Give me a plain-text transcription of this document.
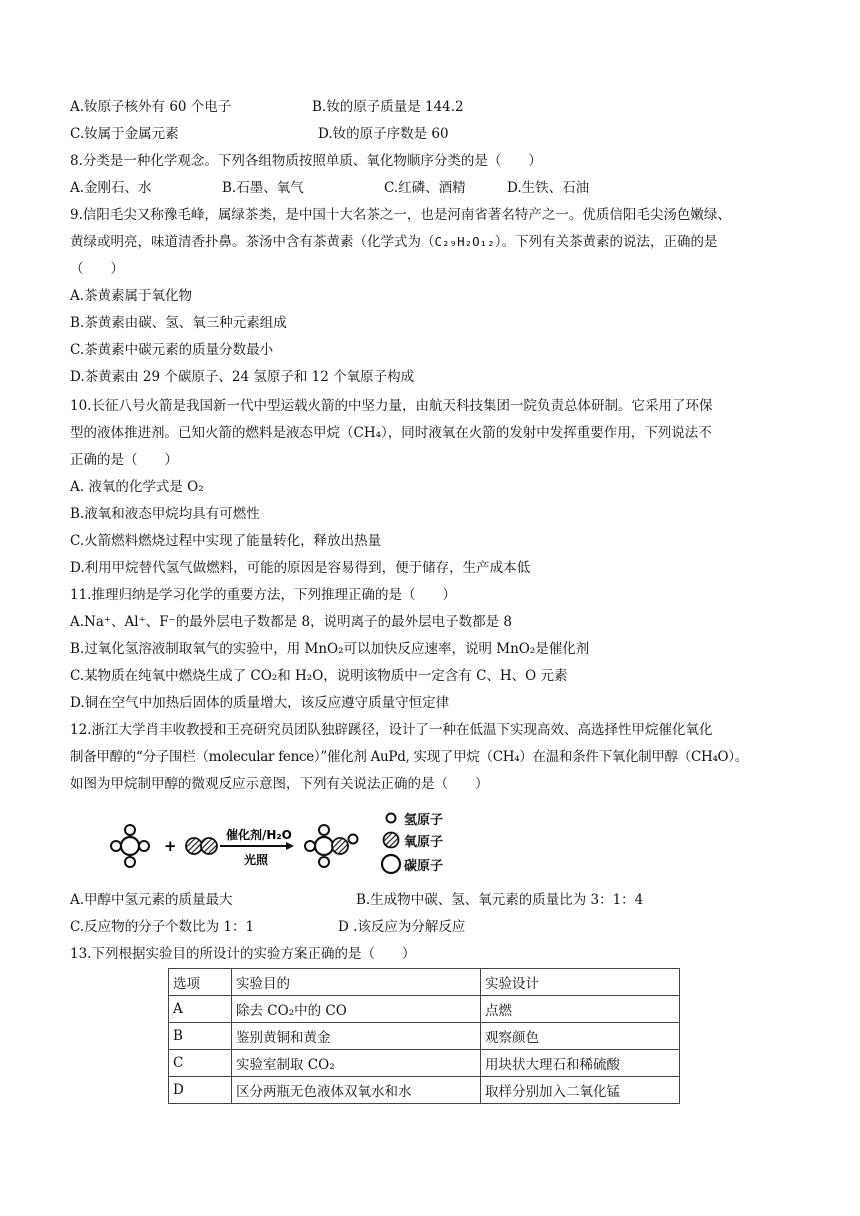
A.钕原子核外有 60 个电子	B.钕的原子质量是 144.2
C.钕属于金属元素	D.钕的原子序数是 60
8.分类是一种化学观念。下列各组物质按照单质、氧化物顺序分类的是（　　）
A.金刚石、水	B.石墨、氧气	C.红磷、酒精	D.生铁、石油
9.信阳毛尖又称豫毛峰，属绿茶类，是中国十大名茶之一，也是河南省著名特产之一。优质信阳毛尖汤色嫩绿、
黄绿或明亮，味道清香扑鼻。茶汤中含有茶黄素（化学式为（C₂₉H₂O₁₂）。下列有关茶黄素的说法，正确的是
（　　）
A.茶黄素属于氧化物
B.茶黄素由碳、氢、氧三种元素组成
C.茶黄素中碳元素的质量分数最小
D.茶黄素由 29 个碳原子、24 氢原子和 12 个氧原子构成
10.长征八号火箭是我国新一代中型运载火箭的中坚力量，由航天科技集团一院负责总体研制。它采用了环保
型的液体推进剂。已知火箭的燃料是液态甲烷（CH₄），同时液氧在火箭的发射中发挥重要作用，下列说法不
正确的是（　　）
A. 液氧的化学式是 O₂
B.液氧和液态甲烷均具有可燃性
C.火箭燃料燃烧过程中实现了能量转化，释放出热量
D.利用甲烷替代氢气做燃料，可能的原因是容易得到，便于储存，生产成本低
11.推理归纳是学习化学的重要方法，下列推理正确的是（　　）
A.Na⁺、Al⁺、F⁻的最外层电子数都是 8，说明离子的最外层电子数都是 8
B.过氧化氢溶液制取氧气的实验中，用 MnO₂可以加快反应速率，说明 MnO₂是催化剂
C.某物质在纯氧中燃烧生成了 CO₂和 H₂O，说明该物质中一定含有 C、H、O 元素
D.铜在空气中加热后固体的质量增大，该反应遵守质量守恒定律
12.浙江大学肖丰收教授和王亮研究员团队独辟蹊径，设计了一种在低温下实现高效、高选择性甲烷催化氧化
制备甲醇的“分子围栏（molecular fence）”催化剂 AuPd, 实现了甲烷（CH₄）在温和条件下氧化制甲醇（CH₄O）。
如图为甲烷制甲醇的微观反应示意图，下列有关说法正确的是（　　）
+
催化剂/H₂O
光照
氢原子
氧原子
碳原子
A.甲醇中氢元素的质量最大	B.生成物中碳、氢、氧元素的质量比为 3：1：4
C.反应物的分子个数比为 1：1	D .该反应为分解反应
13.下列根据实验目的所设计的实验方案正确的是（　　）
选项	实验目的	实验设计
A	除去 CO₂中的 CO	点燃
B	鉴别黄铜和黄金	观察颜色
C	实验室制取 CO₂	用块状大理石和稀硫酸
D	区分两瓶无色液体双氧水和水	取样分别加入二氧化锰
